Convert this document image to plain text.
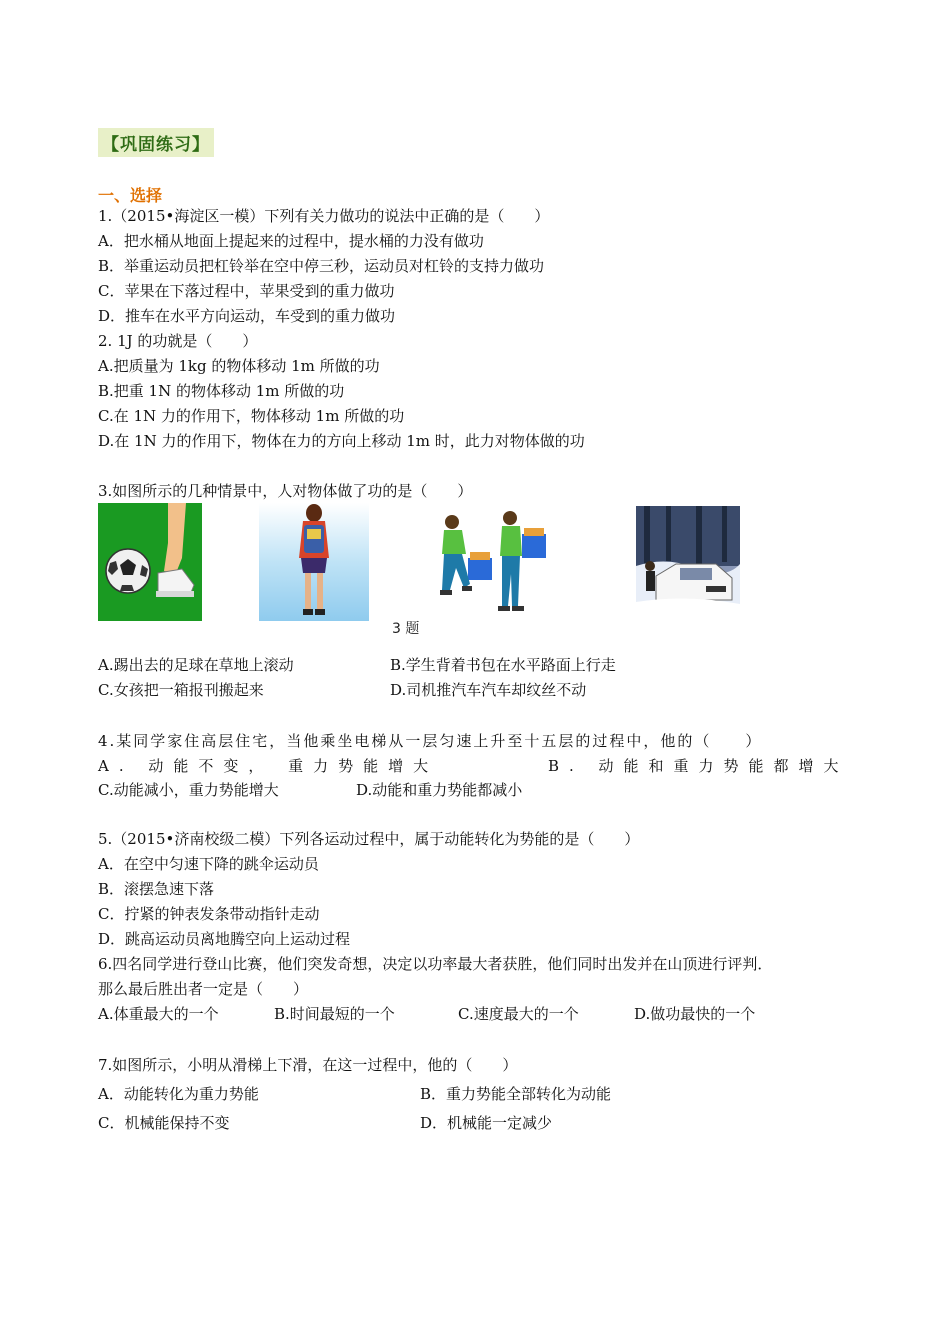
【巩固练习】
一、选择
1.（2015•海淀区一模）下列有关力做功的说法中正确的是（　　）
A．把水桶从地面上提起来的过程中，提水桶的力没有做功
B．举重运动员把杠铃举在空中停三秒，运动员对杠铃的支持力做功
C．苹果在下落过程中，苹果受到的重力做功
D．推车在水平方向运动，车受到的重力做功
2. 1J 的功就是（　　）
A.把质量为 1kg 的物体移动 1m 所做的功
B.把重 1N 的物体移动 1m 所做的功
C.在 1N 力的作用下，物体移动 1m 所做的功
D.在 1N 力的作用下，物体在力的方向上移动 1m 时，此力对物体做的功
3.如图所示的几种情景中，人对物体做了功的是（　　）
3 题
A.踢出去的足球在草地上滚动	B.学生背着书包在水平路面上行走
C.女孩把一箱报刊搬起来	D.司机推汽车汽车却纹丝不动
4.某同学家住高层住宅，当他乘坐电梯从一层匀速上升至十五层的过程中，他的（　　）
A. 动能不变， 重力势能增大	B. 动能和重力势能都增大
C.动能减小，重力势能增大	D.动能和重力势能都减小
5.（2015•济南校级二模）下列各运动过程中，属于动能转化为势能的是（　　）
A．在空中匀速下降的跳伞运动员
B．滚摆急速下落
C．拧紧的钟表发条带动指针走动
D．跳高运动员离地腾空向上运动过程
6.四名同学进行登山比赛，他们突发奇想，决定以功率最大者获胜，他们同时出发并在山顶进行评判．
那么最后胜出者一定是（　　）
A.体重最大的一个	B.时间最短的一个	C.速度最大的一个	D.做功最快的一个
7.如图所示，小明从滑梯上下滑，在这一过程中，他的（　　）
A．动能转化为重力势能	B．重力势能全部转化为动能
C．机械能保持不变	D．机械能一定减少
